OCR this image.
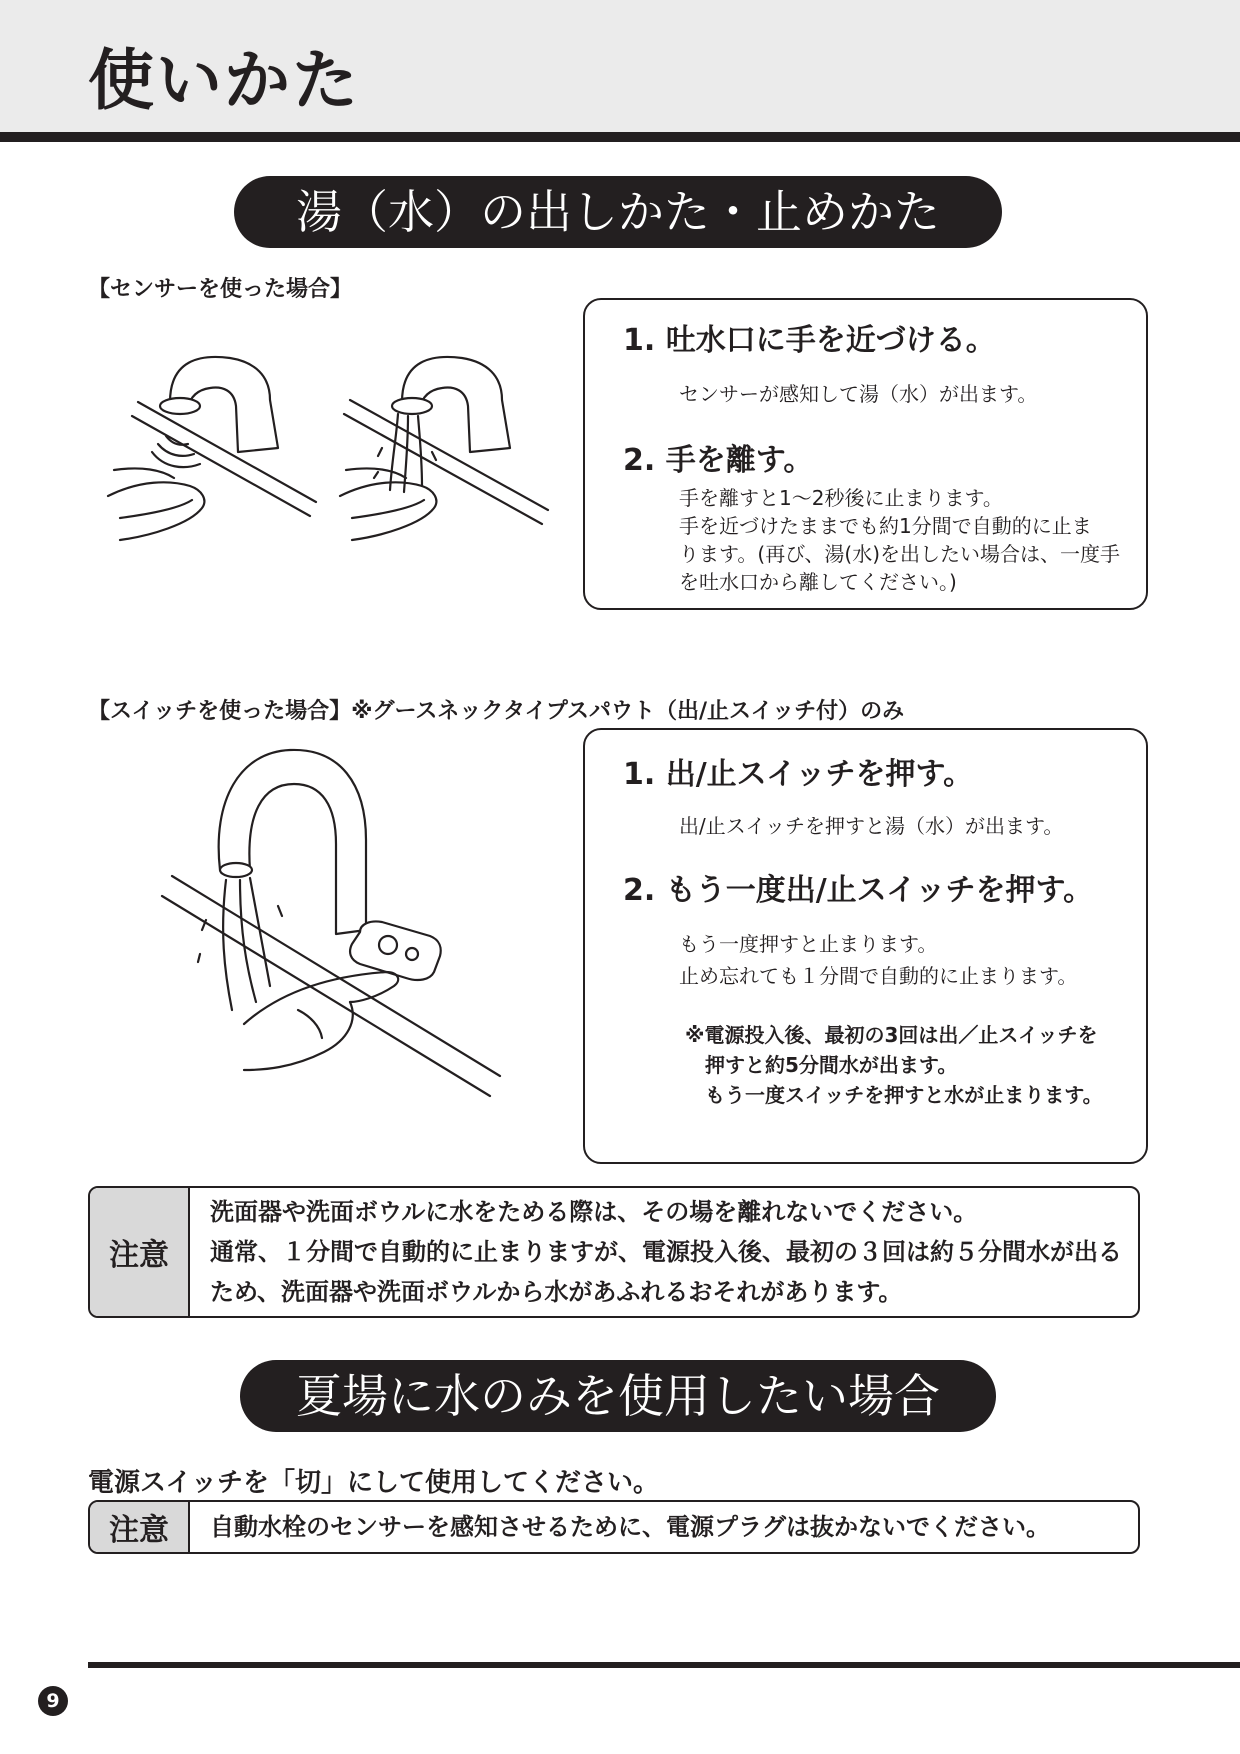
使いかた
湯（水）の出しかた・止めかた
【センサーを使った場合】
1. 吐水口に手を近づける。
センサーが感知して湯（水）が出ます。
2. 手を離す。
手を離すと1～2秒後に止まります。
手を近づけたままでも約1分間で自動的に止ま
ります。(再び、湯(水)を出したい場合は、一度手
を吐水口から離してください。)
【スイッチを使った場合】※グースネックタイプスパウト（出/止スイッチ付）のみ
1. 出/止スイッチを押す。
出/止スイッチを押すと湯（水）が出ます。
2. もう一度出/止スイッチを押す。
もう一度押すと止まります。
止め忘れても１分間で自動的に止まります。
※電源投入後、最初の3回は出／止スイッチを
押すと約5分間水が出ます。
もう一度スイッチを押すと水が止まります。
注意
洗面器や洗面ボウルに水をためる際は、その場を離れないでください。
通常、１分間で自動的に止まりますが、電源投入後、最初の３回は約５分間水が出る
ため、洗面器や洗面ボウルから水があふれるおそれがあります。
夏場に水のみを使用したい場合
電源スイッチを「切」にして使用してください。
注意	自動水栓のセンサーを感知させるために、電源プラグは抜かないでください。
9
